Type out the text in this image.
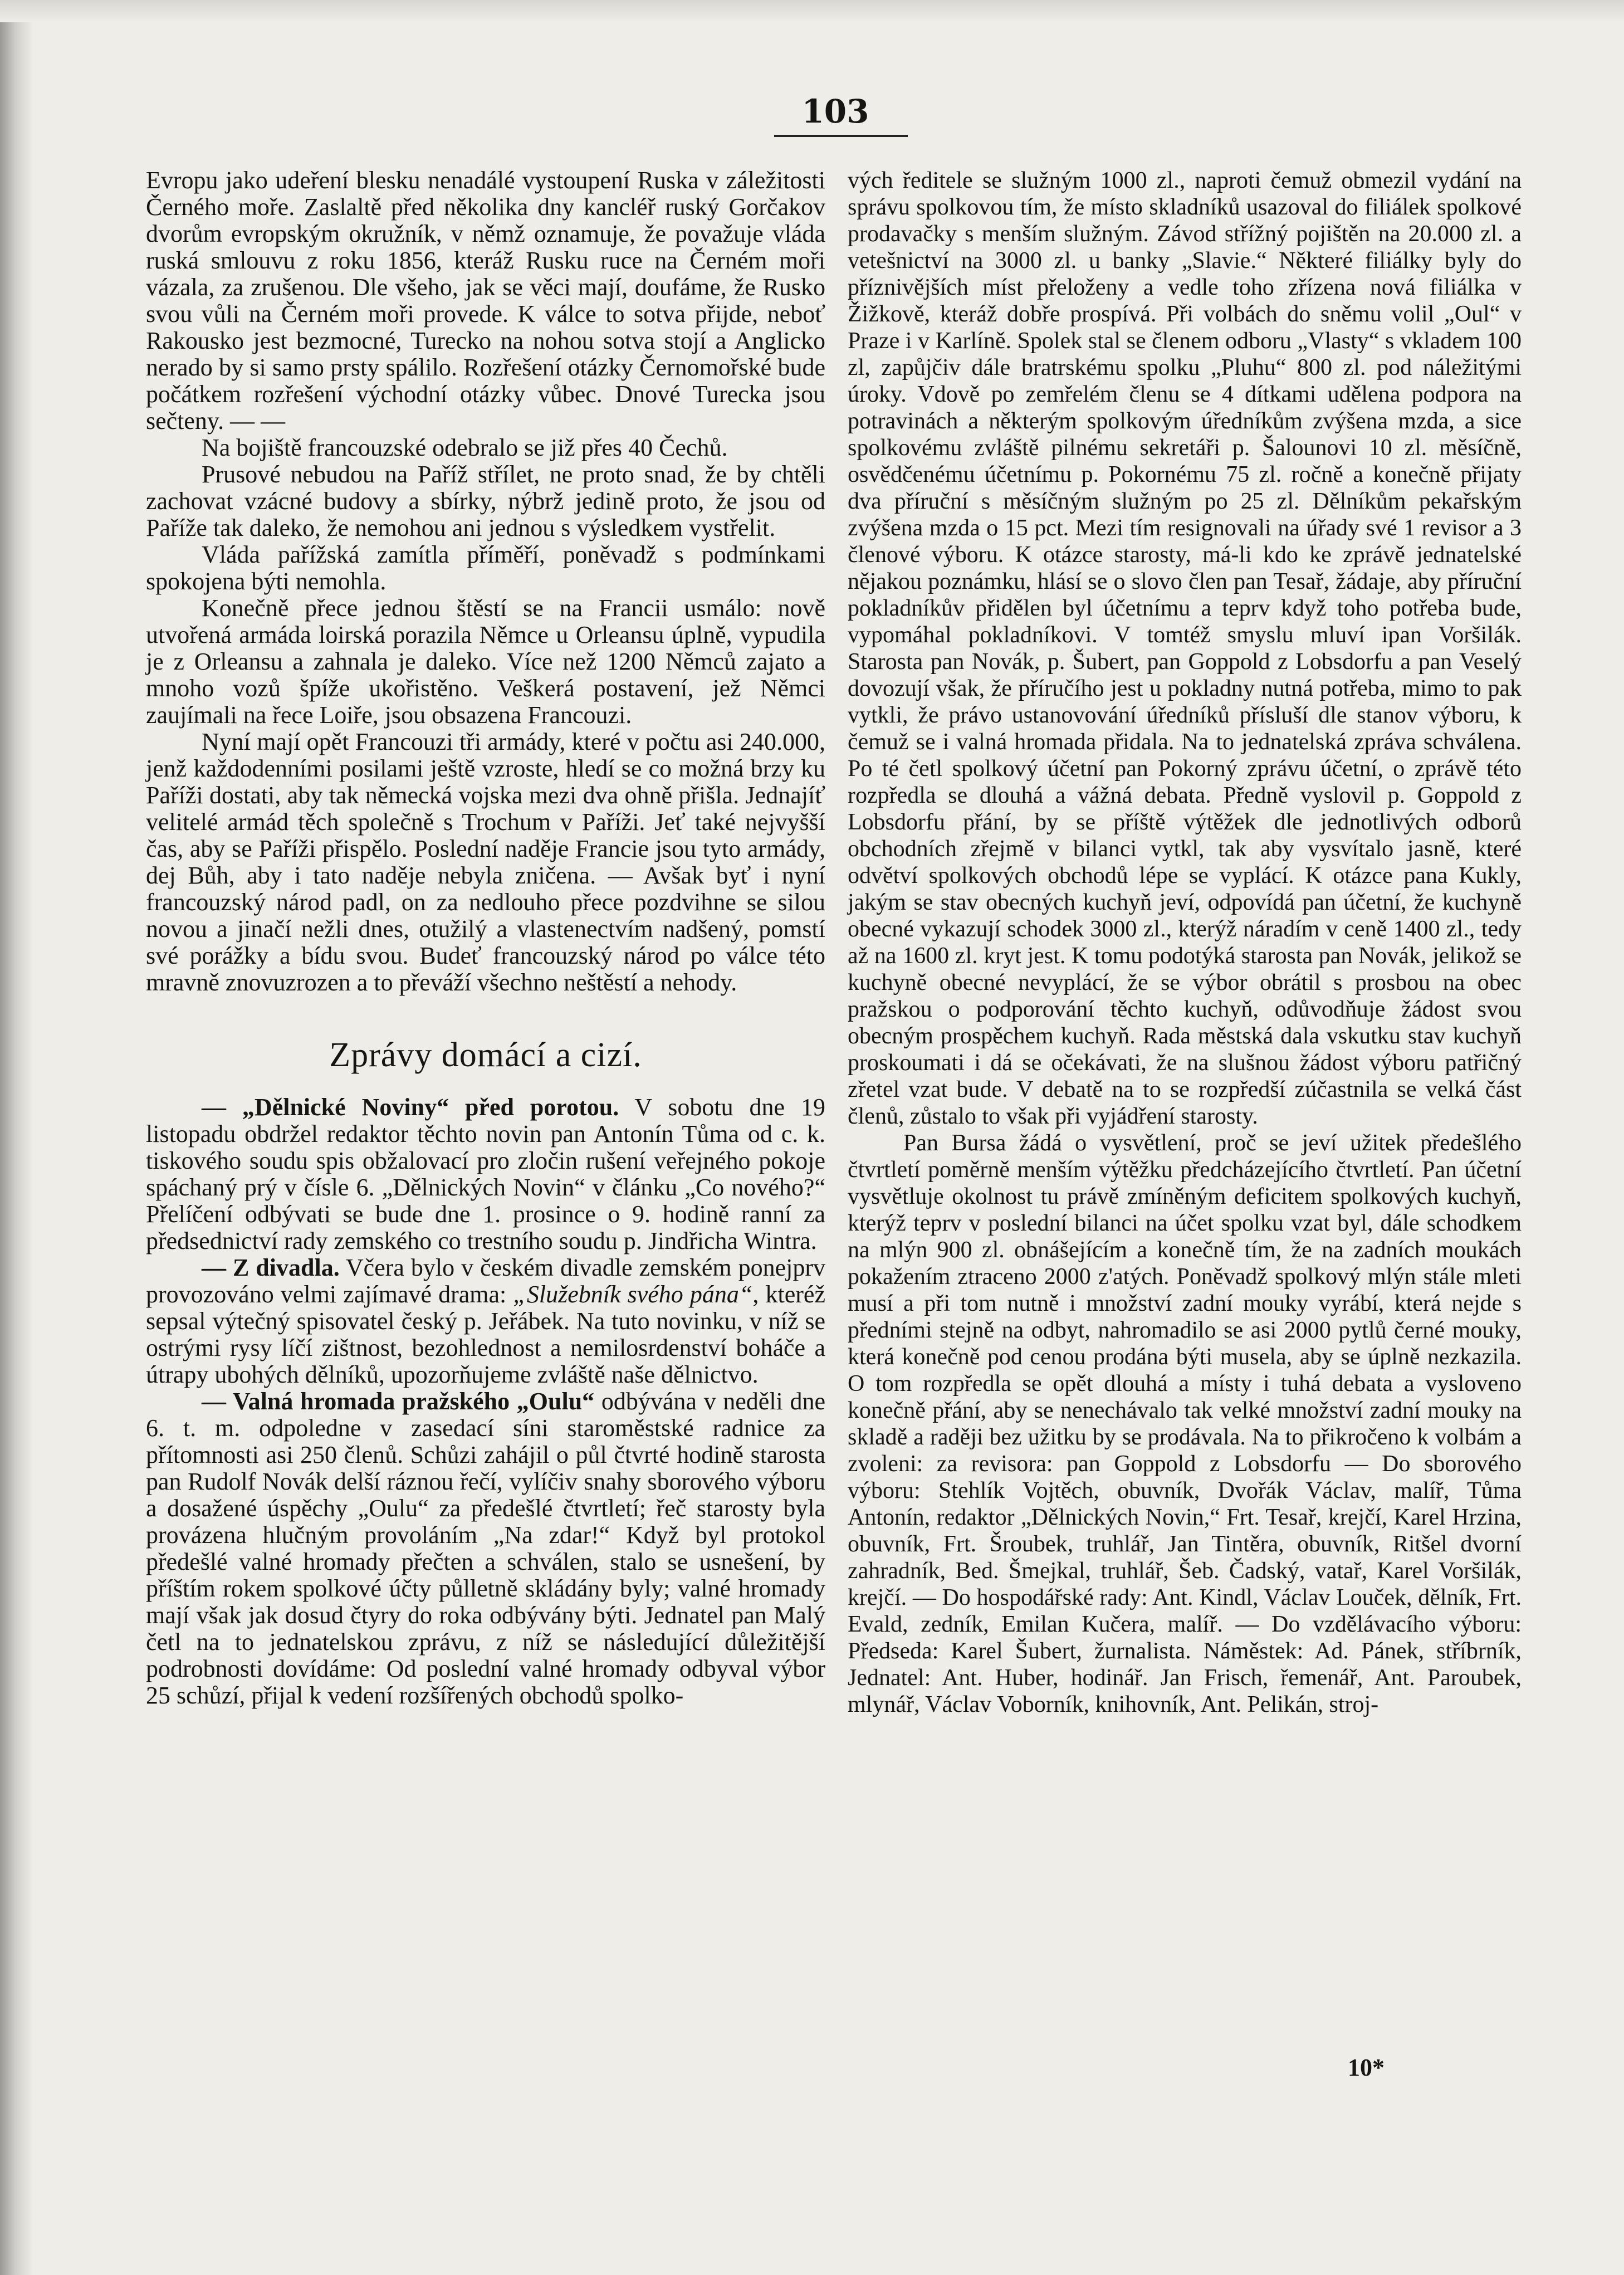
103

Evropu jako udeření blesku nenadálé vystoupení Ruska v záležitosti Černého moře. Zaslaltě před několika dny kancléř ruský Gorčakov dvorům evropským okružník, v němž oznamuje, že považuje vláda ruská smlouvu z roku 1856, kteráž Rusku ruce na Černém moři vázala, za zrušenou. Dle všeho, jak se věci mají, doufáme, že Rusko svou vůli na Černém moři provede. K válce to sotva přijde, neboť Rakousko jest bezmocné, Turecko na nohou sotva stojí a Anglicko nerado by si samo prsty spálilo. Rozřešení otázky Černomořské bude počátkem rozřešení východní otázky vůbec. Dnové Turecka jsou sečteny. — —

Na bojiště francouzské odebralo se již přes 40 Čechů.

Prusové nebudou na Paříž střílet, ne proto snad, že by chtěli zachovat vzácné budovy a sbírky, nýbrž jedině proto, že jsou od Paříže tak daleko, že nemohou ani jednou s výsledkem vystřelit.

Vláda pařížská zamítla příměří, poněvadž s podmínkami spokojena býti nemohla.

Konečně přece jednou štěstí se na Francii usmálo: nově utvořená armáda loirská porazila Němce u Orleansu úplně, vypudila je z Orleansu a zahnala je daleko. Více než 1200 Němců zajato a mnoho vozů špíže ukořistěno. Veškerá postavení, jež Němci zaujímali na řece Loiře, jsou obsazena Francouzi.

Nyní mají opět Francouzi tři armády, které v počtu asi 240.000, jenž každodenními posilami ještě vzroste, hledí se co možná brzy ku Paříži dostati, aby tak německá vojska mezi dva ohně přišla. Jednajíť velitelé armád těch společně s Trochum v Paříži. Jeť také nejvyšší čas, aby se Paříži přispělo. Poslední naděje Francie jsou tyto armády, dej Bůh, aby i tato naděje nebyla zničena. — Avšak byť i nyní francouzský národ padl, on za nedlouho přece pozdvihne se silou novou a jinačí nežli dnes, otužilý a vlastenectvím nadšený, pomstí své porážky a bídu svou. Budeť francouzský národ po válce této mravně znovuzrozen a to převáží všechno neštěstí a nehody.

Zprávy domácí a cizí.

— „Dělnické Noviny“ před porotou. V sobotu dne 19 listopadu obdržel redaktor těchto novin pan Antonín Tůma od c. k. tiskového soudu spis obžalovací pro zločin rušení veřejného pokoje spáchaný prý v čísle 6. „Dělnických Novin“ v článku „Co nového?“ Přelíčení odbývati se bude dne 1. prosince o 9. hodině ranní za předsednictví rady zemského co trestního soudu p. Jindřicha Wintra.

— Z divadla. Včera bylo v českém divadle zemském ponejprv provozováno velmi zajímavé drama: „Služebník svého pána“, kteréž sepsal výtečný spisovatel český p. Jeřábek. Na tuto novinku, v níž se ostrými rysy líčí zištnost, bezohlednost a nemilosrdenství boháče a útrapy ubohých dělníků, upozorňujeme zvláště naše dělnictvo.

— Valná hromada pražského „Oulu“ odbývána v neděli dne 6. t. m. odpoledne v zasedací síni staroměstské radnice za přítomnosti asi 250 členů. Schůzi zahájil o půl čtvrté hodině starosta pan Rudolf Novák delší ráznou řečí, vylíčiv snahy sborového výboru a dosažené úspěchy „Oulu“ za předešlé čtvrtletí; řeč starosty byla provázena hlučným provoláním „Na zdar!“ Když byl protokol předešlé valné hromady přečten a schválen, stalo se usnešení, by příštím rokem spolkové účty půlletně skládány byly; valné hromady mají však jak dosud čtyry do roka odbývány býti. Jednatel pan Malý četl na to jednatelskou zprávu, z níž se následující důležitější podrobnosti dovídáme: Od poslední valné hromady odbyval výbor 25 schůzí, přijal k vedení rozšířených obchodů spolko-

vých ředitele se služným 1000 zl., naproti čemuž obmezil vydání na správu spolkovou tím, že místo skladníků usazoval do filiálek spolkové prodavačky s menším služným. Závod střížný pojištěn na 20.000 zl. a vetešnictví na 3000 zl. u banky „Slavie.“ Některé filiálky byly do příznivějších míst přeloženy a vedle toho zřízena nová filiálka v Žižkově, kteráž dobře prospívá. Při volbách do sněmu volil „Oul“ v Praze i v Karlíně. Spolek stal se členem odboru „Vlasty“ s vkladem 100 zl, zapůjčiv dále bratrskému spolku „Pluhu“ 800 zl. pod náležitými úroky. Vdově po zemřelém členu se 4 dítkami udělena podpora na potravinách a některým spolkovým úředníkům zvýšena mzda, a sice spolkovému zvláště pilnému sekretáři p. Šalounovi 10 zl. měsíčně, osvědčenému účetnímu p. Pokornému 75 zl. ročně a konečně přijaty dva příruční s měsíčným služným po 25 zl. Dělníkům pekařským zvýšena mzda o 15 pct. Mezi tím resignovali na úřady své 1 revisor a 3 členové výboru. K otázce starosty, má-li kdo ke zprávě jednatelské nějakou poznámku, hlásí se o slovo člen pan Tesař, žádaje, aby příruční pokladníkův přidělen byl účetnímu a teprv když toho potřeba bude, vypomáhal pokladníkovi. V tomtéž smyslu mluví ipan Voršilák. Starosta pan Novák, p. Šubert, pan Goppold z Lobsdorfu a pan Veselý dovozují však, že příručího jest u pokladny nutná potřeba, mimo to pak vytkli, že právo ustanovování úředníků přísluší dle stanov výboru, k čemuž se i valná hromada přidala. Na to jednatelská zpráva schválena. Po té četl spolkový účetní pan Pokorný zprávu účetní, o zprávě této rozpředla se dlouhá a vážná debata. Předně vyslovil p. Goppold z Lobsdorfu přání, by se příště výtěžek dle jednotlivých odborů obchodních zřejmě v bilanci vytkl, tak aby vysvítalo jasně, které odvětví spolkových obchodů lépe se vyplácí. K otázce pana Kukly, jakým se stav obecných kuchyň jeví, odpovídá pan účetní, že kuchyně obecné vykazují schodek 3000 zl., kterýž náradím v ceně 1400 zl., tedy až na 1600 zl. kryt jest. K tomu podotýká starosta pan Novák, jelikož se kuchyně obecné nevyplácí, že se výbor obrátil s prosbou na obec pražskou o podporování těchto kuchyň, odůvodňuje žádost svou obecným prospěchem kuchyň. Rada městská dala vskutku stav kuchyň proskoumati i dá se očekávati, že na slušnou žádost výboru patřičný zřetel vzat bude. V debatě na to se rozpředší zúčastnila se velká část členů, zůstalo to však při vyjádření starosty.

Pan Bursa žádá o vysvětlení, proč se jeví užitek předešlého čtvrtletí poměrně menším výtěžku předcházejícího čtvrtletí. Pan účetní vysvětluje okolnost tu právě zmíněným deficitem spolkových kuchyň, kterýž teprv v poslední bilanci na účet spolku vzat byl, dále schodkem na mlýn 900 zl. obnášejícím a konečně tím, že na zadních moukách pokažením ztraceno 2000 z'atých. Poněvadž spolkový mlýn stále mleti musí a při tom nutně i množství zadní mouky vyrábí, která nejde s předními stejně na odbyt, nahromadilo se asi 2000 pytlů černé mouky, která konečně pod cenou prodána býti musela, aby se úplně nezkazila. O tom rozpředla se opět dlouhá a místy i tuhá debata a vysloveno konečně přání, aby se nenechávalo tak velké množství zadní mouky na skladě a raději bez užitku by se prodávala. Na to přikročeno k volbám a zvoleni: za revisora: pan Goppold z Lobsdorfu — Do sborového výboru: Stehlík Vojtěch, obuvník, Dvořák Václav, malíř, Tůma Antonín, redaktor „Dělnických Novin,“ Frt. Tesař, krejčí, Karel Hrzina, obuvník, Frt. Šroubek, truhlář, Jan Tintěra, obuvník, Ritšel dvorní zahradník, Bed. Šmejkal, truhlář, Šeb. Čadský, vatař, Karel Voršilák, krejčí. — Do hospodářské rady: Ant. Kindl, Václav Louček, dělník, Frt. Evald, zedník, Emilan Kučera, malíř. — Do vzdělávacího výboru: Předseda: Karel Šubert, žurnalista. Náměstek: Ad. Pánek, stříbrník, Jednatel: Ant. Huber, hodinář. Jan Frisch, řemenář, Ant. Paroubek, mlynář, Václav Voborník, knihovník, Ant. Pelikán, stroj-

10*
